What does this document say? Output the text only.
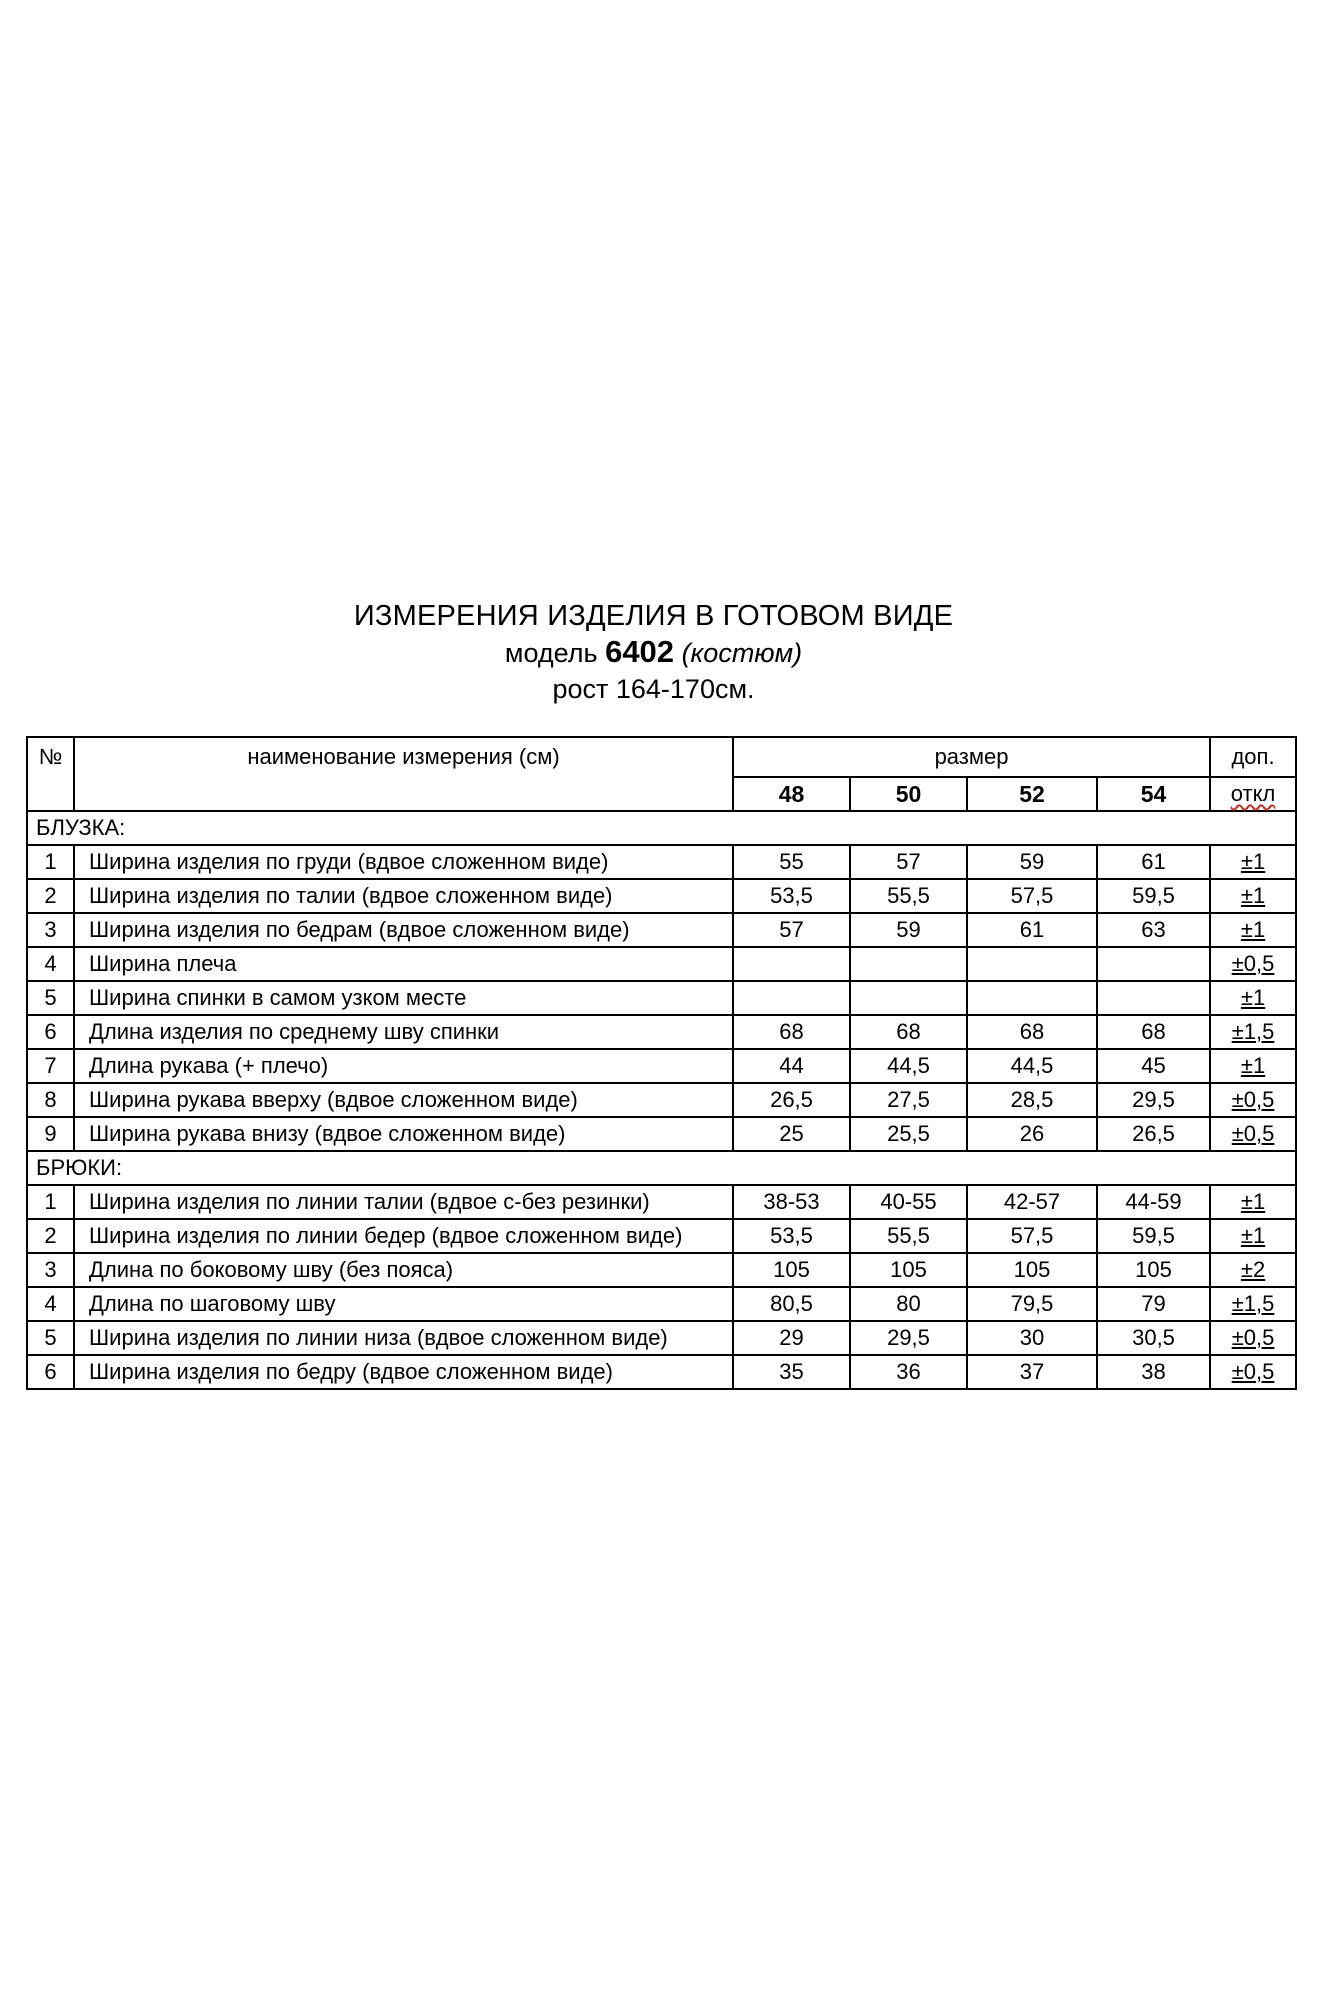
ИЗМЕРЕНИЯ ИЗДЕЛИЯ В ГОТОВОМ ВИДЕ
модель 6402 (костюм)
рост 164-170см.
№	наименование измерения (см)	размер				доп.
		48	50	52	54	откл
БЛУЗКА:						
1	Ширина изделия по груди (вдвое сложенном виде)	55	57	59	61	±1
2	Ширина изделия по талии (вдвое сложенном виде)	53,5	55,5	57,5	59,5	±1
3	Ширина изделия по бедрам (вдвое сложенном виде)	57	59	61	63	±1
4	Ширина плеча					±0,5
5	Ширина спинки в самом узком месте					±1
6	Длина изделия по среднему шву спинки	68	68	68	68	±1,5
7	Длина рукава (+ плечо)	44	44,5	44,5	45	±1
8	Ширина рукава вверху (вдвое сложенном виде)	26,5	27,5	28,5	29,5	±0,5
9	Ширина рукава внизу (вдвое сложенном виде)	25	25,5	26	26,5	±0,5
БРЮКИ:						
1	Ширина изделия по линии талии (вдвое с-без резинки)	38-53	40-55	42-57	44-59	±1
2	Ширина изделия по линии бедер (вдвое сложенном виде)	53,5	55,5	57,5	59,5	±1
3	Длина по боковому шву (без пояса)	105	105	105	105	±2
4	Длина по шаговому шву	80,5	80	79,5	79	±1,5
5	Ширина изделия по линии низа (вдвое сложенном виде)	29	29,5	30	30,5	±0,5
6	Ширина изделия по бедру (вдвое сложенном виде)	35	36	37	38	±0,5
